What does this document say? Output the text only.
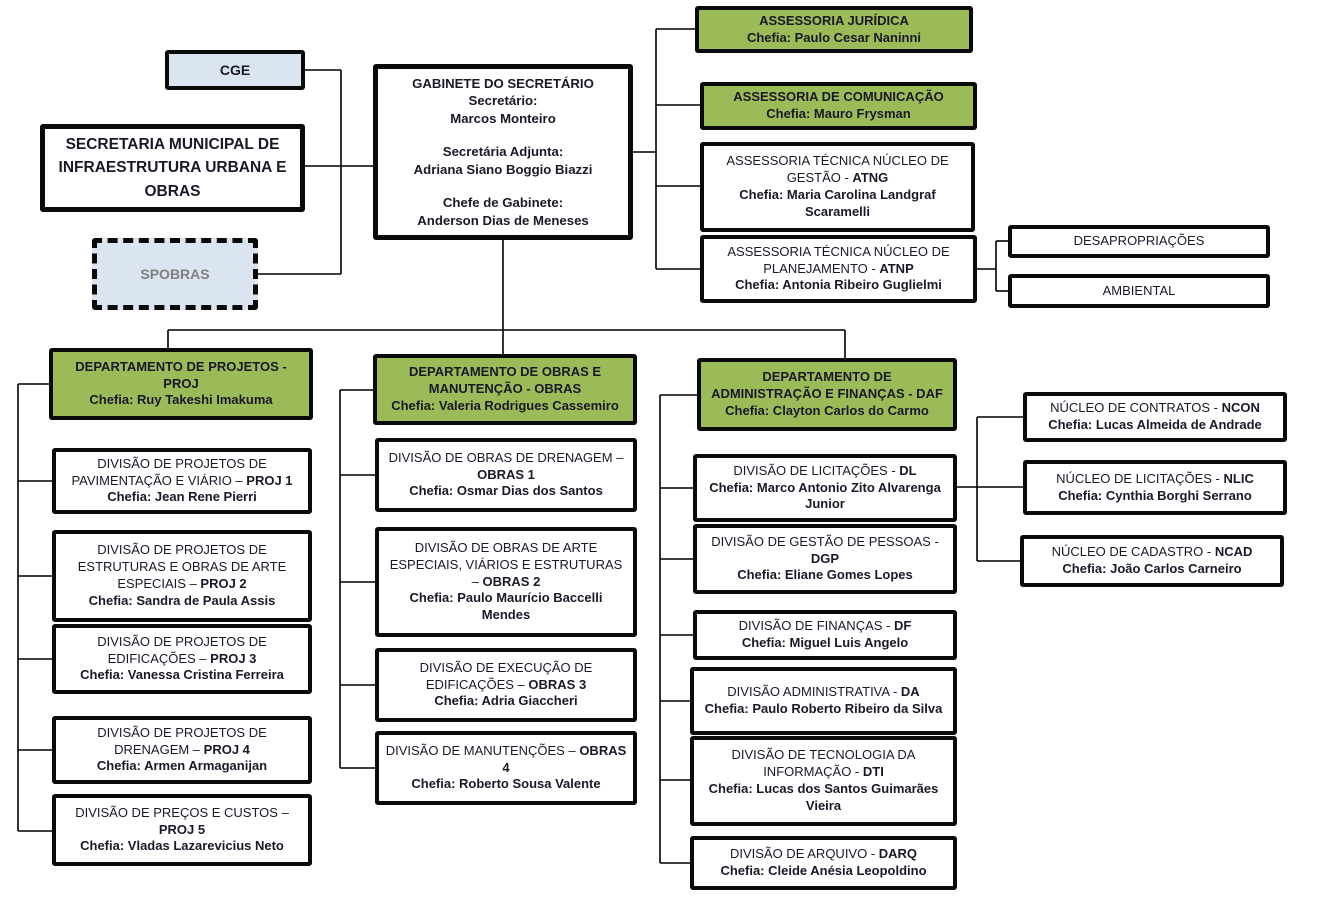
CGE
SECRETARIA MUNICIPAL DE INFRAESTRUTURA URBANA E OBRAS
SPOBRAS
GABINETE DO SECRETÁRIO
Secretário:
Marcos Monteiro
Secretária Adjunta:
Adriana Siano Boggio Biazzi
Chefe de Gabinete:
Anderson Dias de Meneses
ASSESSORIA JURÍDICA
Chefia: Paulo Cesar Naninni
ASSESSORIA DE COMUNICAÇÃO
Chefia: Mauro Frysman
ASSESSORIA TÉCNICA NÚCLEO DE GESTÃO - ATNG
Chefia: Maria Carolina Landgraf Scaramelli
ASSESSORIA TÉCNICA NÚCLEO DE PLANEJAMENTO - ATNP
Chefia: Antonia Ribeiro Guglielmi
DESAPROPRIAÇÕES
AMBIENTAL
DEPARTAMENTO DE PROJETOS - PROJ
Chefia: Ruy Takeshi Imakuma
DEPARTAMENTO DE OBRAS E MANUTENÇÃO - OBRAS
Chefia: Valeria Rodrigues Cassemiro
DEPARTAMENTO DE ADMINISTRAÇÃO E FINANÇAS - DAF
Chefia: Clayton Carlos do Carmo
DIVISÃO DE PROJETOS DE PAVIMENTAÇÃO E VIÁRIO – PROJ 1
Chefia: Jean Rene Pierri
DIVISÃO DE PROJETOS DE ESTRUTURAS E OBRAS DE ARTE ESPECIAIS – PROJ 2
Chefia: Sandra de Paula Assis
DIVISÃO DE PROJETOS DE EDIFICAÇÕES – PROJ 3
Chefia: Vanessa Cristina Ferreira
DIVISÃO DE PROJETOS DE DRENAGEM – PROJ 4
Chefia: Armen Armaganijan
DIVISÃO DE PREÇOS E CUSTOS – PROJ 5
Chefia: Vladas Lazarevicius Neto
DIVISÃO DE OBRAS DE DRENAGEM – OBRAS 1
Chefia: Osmar Dias dos Santos
DIVISÃO DE OBRAS DE ARTE ESPECIAIS, VIÁRIOS E ESTRUTURAS – OBRAS 2
Chefia: Paulo Maurício Baccelli Mendes
DIVISÃO DE EXECUÇÃO DE EDIFICAÇÕES – OBRAS 3
Chefia: Adria Giaccheri
DIVISÃO DE MANUTENÇÕES – OBRAS 4
Chefia: Roberto Sousa Valente
DIVISÃO DE LICITAÇÕES - DL
Chefia: Marco Antonio Zito Alvarenga Junior
DIVISÃO DE GESTÃO DE PESSOAS - DGP
Chefia: Eliane Gomes Lopes
DIVISÃO DE FINANÇAS - DF
Chefia: Miguel Luis Angelo
DIVISÃO ADMINISTRATIVA - DA
Chefia: Paulo Roberto Ribeiro da Silva
DIVISÃO DE TECNOLOGIA DA INFORMAÇÃO - DTI
Chefia: Lucas dos Santos Guimarães Vieira
DIVISÃO DE ARQUIVO - DARQ
Chefia: Cleide Anésia Leopoldino
NÚCLEO DE CONTRATOS - NCON
Chefia: Lucas Almeida de Andrade
NÚCLEO DE LICITAÇÕES - NLIC
Chefia: Cynthia Borghi Serrano
NÚCLEO DE CADASTRO - NCAD
Chefia: João Carlos Carneiro
